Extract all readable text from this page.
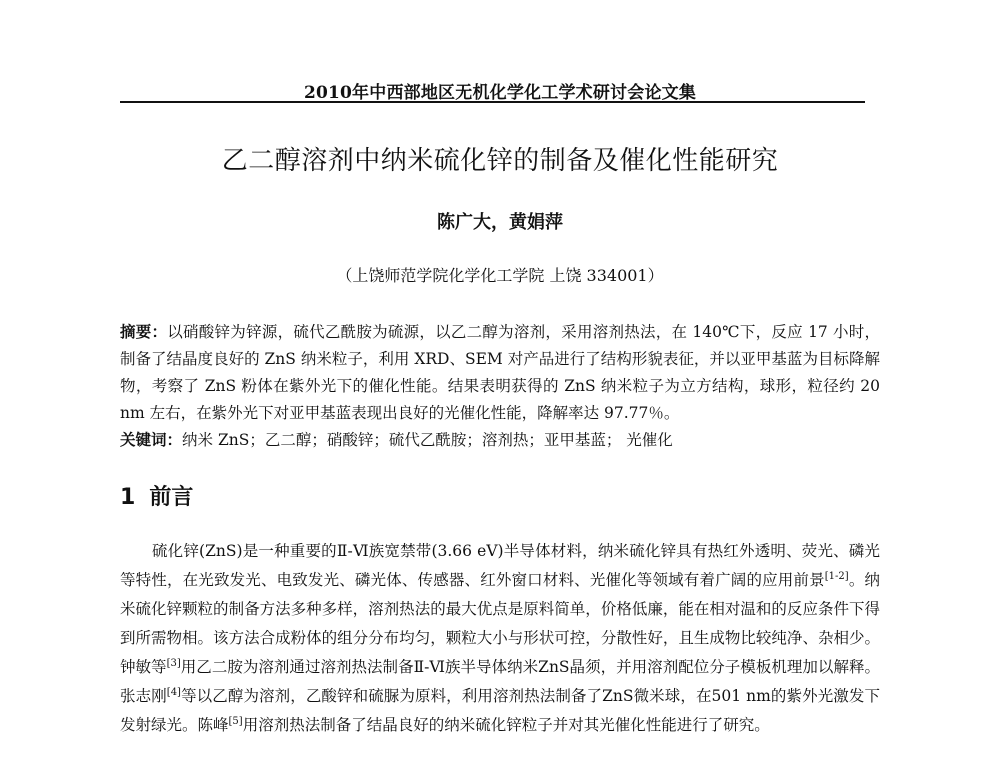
2010年中西部地区无机化学化工学术研讨会论文集
乙二醇溶剂中纳米硫化锌的制备及催化性能研究
陈广大，黄娟萍
（上饶师范学院化学化工学院 上饶 334001）
摘要：以硝酸锌为锌源，硫代乙酰胺为硫源，以乙二醇为溶剂，采用溶剂热法，在 140℃下，反应 17 小时，制备了结晶度良好的 ZnS 纳米粒子，利用 XRD、SEM 对产品进行了结构形貌表征，并以亚甲基蓝为目标降解物，考察了 ZnS 粉体在紫外光下的催化性能。结果表明获得的 ZnS 纳米粒子为立方结构，球形，粒径约 20 nm 左右，在紫外光下对亚甲基蓝表现出良好的光催化性能，降解率达 97.77％。
关键词：纳米 ZnS；乙二醇；硝酸锌；硫代乙酰胺；溶剂热；亚甲基蓝； 光催化
1 前言
硫化锌(ZnS)是一种重要的Ⅱ-Ⅵ族宽禁带(3.66 eV)半导体材料，纳米硫化锌具有热红外透明、荧光、磷光等特性，在光致发光、电致发光、磷光体、传感器、红外窗口材料、光催化等领域有着广阔的应用前景[1-2]。纳米硫化锌颗粒的制备方法多种多样，溶剂热法的最大优点是原料简单，价格低廉，能在相对温和的反应条件下得到所需物相。该方法合成粉体的组分分布均匀，颗粒大小与形状可控，分散性好，且生成物比较纯净、杂相少。钟敏等[3]用乙二胺为溶剂通过溶剂热法制备Ⅱ-Ⅵ族半导体纳米ZnS晶须，并用溶剂配位分子模板机理加以解释。张志刚[4]等以乙醇为溶剂，乙酸锌和硫脲为原料，利用溶剂热法制备了ZnS微米球，在501 nm的紫外光激发下发射绿光。陈峰[5]用溶剂热法制备了结晶良好的纳米硫化锌粒子并对其光催化性能进行了研究。
